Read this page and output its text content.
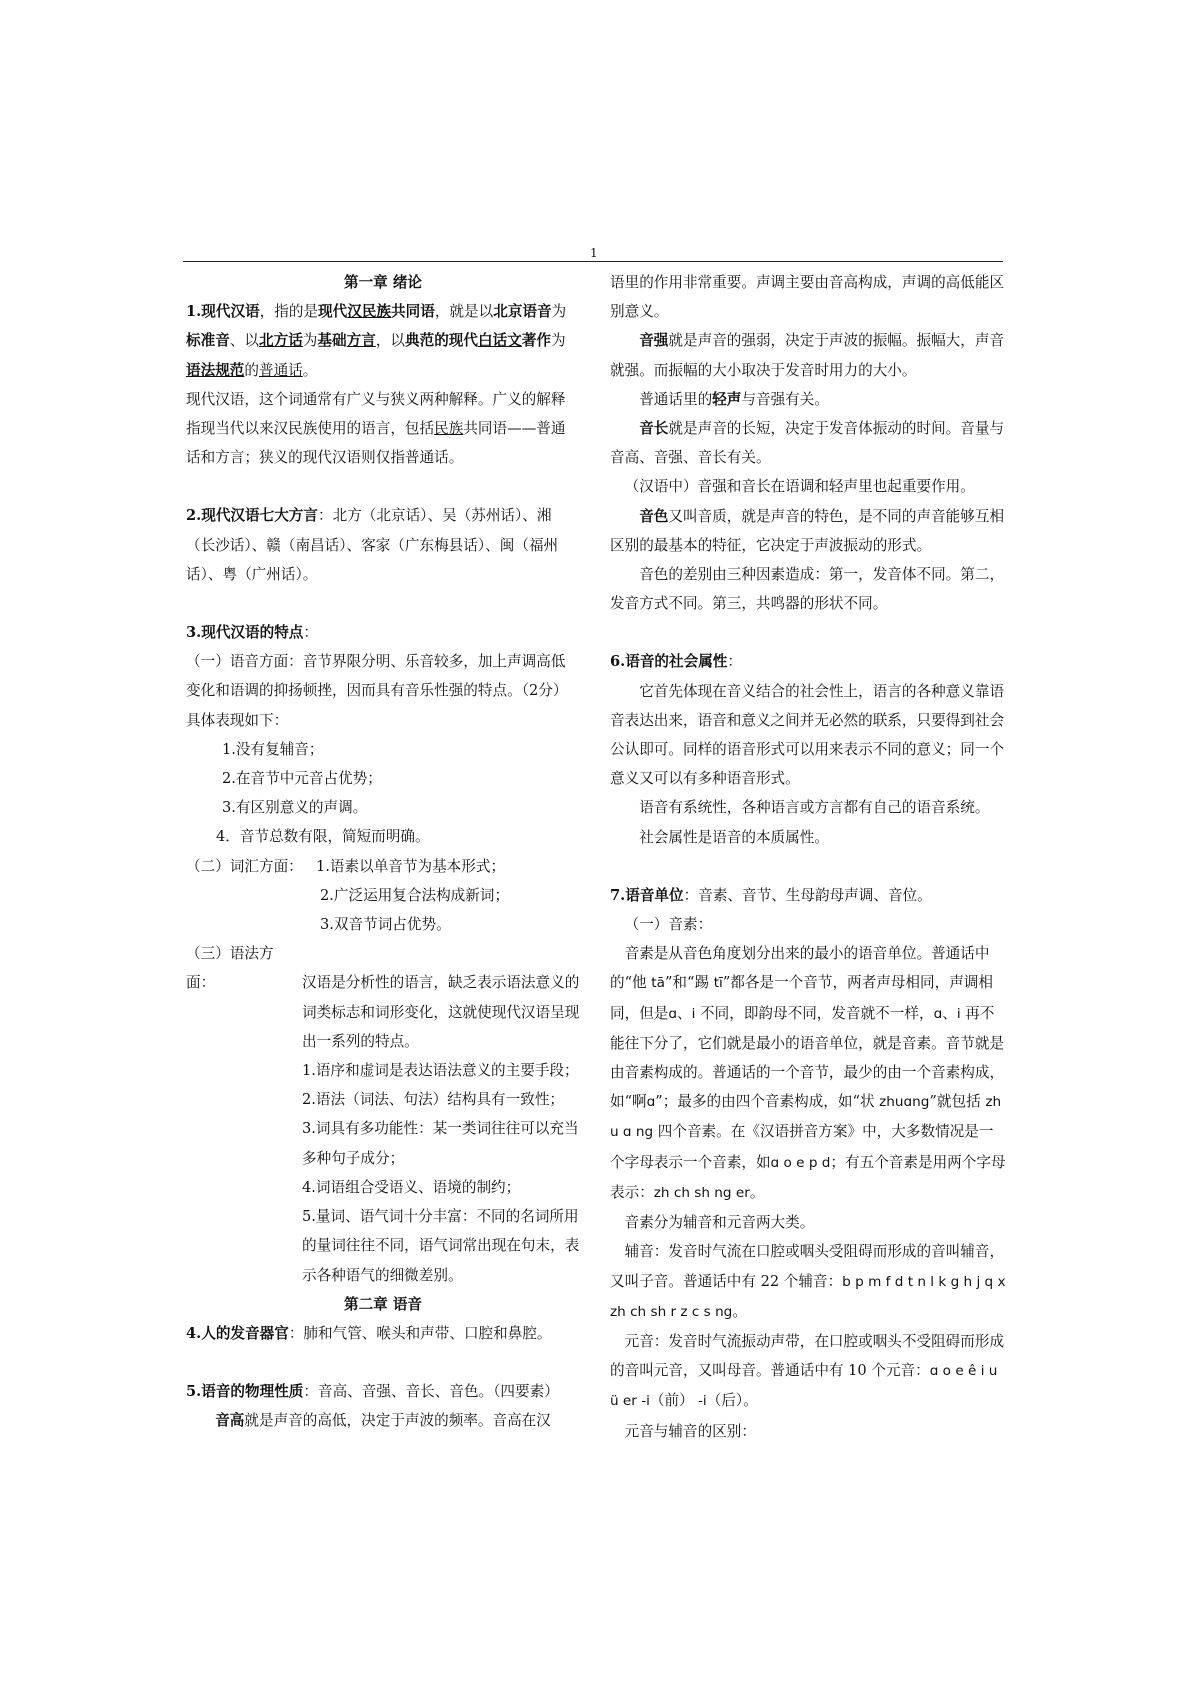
1

第一章 绪论

1.现代汉语，指的是现代汉民族共同语，就是以北京语音为标准音、以北方话为基础方言，以典范的现代白话文著作为语法规范的普通话。

现代汉语，这个词通常有广义与狭义两种解释。广义的解释指现当代以来汉民族使用的语言，包括民族共同语——普通话和方言；狭义的现代汉语则仅指普通话。

2.现代汉语七大方言：北方（北京话）、吴（苏州话）、湘（长沙话）、赣（南昌话）、客家（广东梅县话）、闽（福州话）、粤（广州话）。

3.现代汉语的特点：

（一）语音方面：音节界限分明、乐音较多，加上声调高低变化和语调的抑扬顿挫，因而具有音乐性强的特点。（2分）具体表现如下：

1.没有复辅音；

2.在音节中元音占优势；

3.有区别意义的声调。

4．音节总数有限，简短而明确。

（二）词汇方面： 1.语素以单音节为基本形式；

2.广泛运用复合法构成新词；

3.双音节词占优势。

（三）语法方面：	汉语是分析性的语言，缺乏表示语法意义的词类标志和词形变化，这就使现代汉语呈现出一系列的特点。

1.语序和虚词是表达语法意义的主要手段；

2.语法（词法、句法）结构具有一致性；

3.词具有多功能性：某一类词往往可以充当多种句子成分；

4.词语组合受语义、语境的制约；

5.量词、语气词十分丰富：不同的名词所用的量词往往不同，语气词常出现在句末，表示各种语气的细微差别。

第二章 语音

4.人的发音器官：肺和气管、喉头和声带、口腔和鼻腔。

5.语音的物理性质：音高、音强、音长、音色。（四要素）

音高就是声音的高低，决定于声波的频率。音高在汉

语里的作用非常重要。声调主要由音高构成，声调的高低能区别意义。

音强就是声音的强弱，决定于声波的振幅。振幅大，声音就强。而振幅的大小取决于发音时用力的大小。

普通话里的轻声与音强有关。

音长就是声音的长短，决定于发音体振动的时间。音量与音高、音强、音长有关。

（汉语中）音强和音长在语调和轻声里也起重要作用。

音色又叫音质，就是声音的特色，是不同的声音能够互相区别的最基本的特征，它决定于声波振动的形式。

音色的差别由三种因素造成：第一，发音体不同。第二，发音方式不同。第三，共鸣器的形状不同。

6.语音的社会属性：

它首先体现在音义结合的社会性上，语言的各种意义靠语音表达出来，语音和意义之间并无必然的联系，只要得到社会公认即可。同样的语音形式可以用来表示不同的意义；同一个意义又可以有多种语音形式。

语音有系统性，各种语言或方言都有自己的语音系统。

社会属性是语音的本质属性。

7.语音单位：音素、音节、生母韵母声调、音位。

（一）音素：

音素是从音色角度划分出来的最小的语音单位。普通话中的“他 tā”和“踢 tī”都各是一个音节，两者声母相同，声调相同，但是ɑ、i 不同，即韵母不同，发音就不一样，ɑ、i 再不能往下分了，它们就是最小的语音单位，就是音素。音节就是由音素构成的。普通话的一个音节，最少的由一个音素构成，如“啊ɑ”；最多的由四个音素构成，如“状 zhuɑng”就包括 zh u ɑ ng 四个音素。在《汉语拼音方案》中，大多数情况是一个字母表示一个音素，如ɑ o e p d；有五个音素是用两个字母表示：zh ch sh ng er。

音素分为辅音和元音两大类。

辅音：发音时气流在口腔或咽头受阻碍而形成的音叫辅音，又叫子音。普通话中有 22 个辅音：b p m f d t n l k g h j q x zh ch sh r z c s ng。

元音：发音时气流振动声带，在口腔或咽头不受阻碍而形成的音叫元音，又叫母音。普通话中有 10 个元音：ɑ o e ê i u ü er -i（前） -i（后）。

元音与辅音的区别：
